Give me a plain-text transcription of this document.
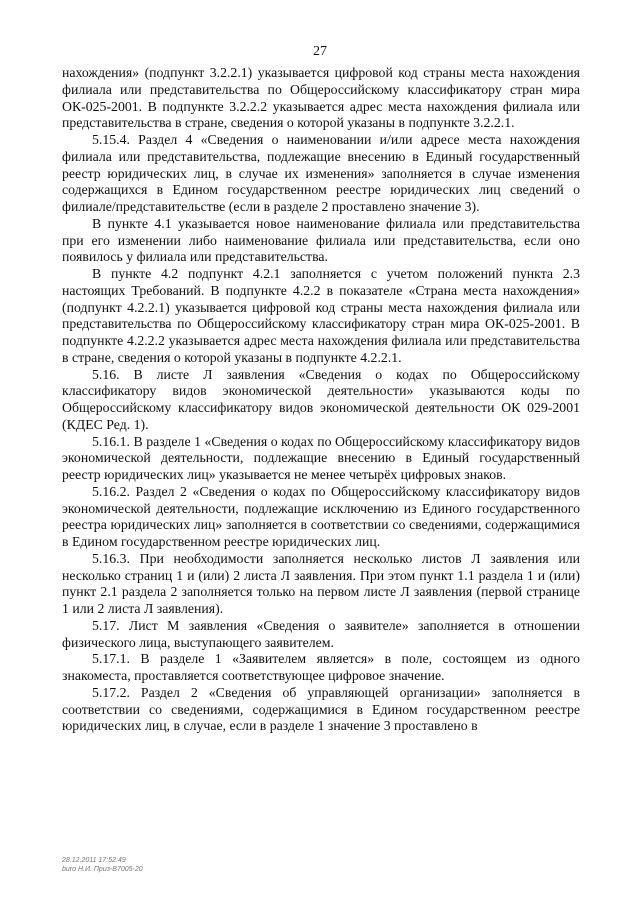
27

нахождения» (подпункт 3.2.2.1) указывается цифровой код страны места нахождения филиала или представительства по Общероссийскому классификатору стран мира ОК-025-2001. В подпункте 3.2.2.2 указывается адрес места нахождения филиала или представительства в стране, сведения о которой указаны в подпункте 3.2.2.1.

5.15.4. Раздел 4 «Сведения о наименовании и/или адресе места нахождения филиала или представительства, подлежащие внесению в Единый государственный реестр юридических лиц, в случае их изменения» заполняется в случае изменения содержащихся в Едином государственном реестре юридических лиц сведений о филиале/представительстве (если в разделе 2 проставлено значение 3).

В пункте 4.1 указывается новое наименование филиала или представительства при его изменении либо наименование филиала или представительства, если оно появилось у филиала или представительства.

В пункте 4.2 подпункт 4.2.1 заполняется с учетом положений пункта 2.3 настоящих Требований. В подпункте 4.2.2 в показателе «Страна места нахождения» (подпункт 4.2.2.1) указывается цифровой код страны места нахождения филиала или представительства по Общероссийскому классификатору стран мира ОК-025-2001. В подпункте 4.2.2.2 указывается адрес места нахождения филиала или представительства в стране, сведения о которой указаны в подпункте 4.2.2.1.

5.16. В листе Л заявления «Сведения о кодах по Общероссийскому классификатору видов экономической деятельности» указываются коды по Общероссийскому классификатору видов экономической деятельности ОК 029-2001 (КДЕС Ред. 1).

5.16.1. В разделе 1 «Сведения о кодах по Общероссийскому классификатору видов экономической деятельности, подлежащие внесению в Единый государственный реестр юридических лиц» указывается не менее четырёх цифровых знаков.

5.16.2. Раздел 2 «Сведения о кодах по Общероссийскому классификатору видов экономической деятельности, подлежащие исключению из Единого государственного реестра юридических лиц» заполняется в соответствии со сведениями, содержащимися в Едином государственном реестре юридических лиц.

5.16.3. При необходимости заполняется несколько листов Л заявления или несколько страниц 1 и (или) 2 листа Л заявления. При этом пункт 1.1 раздела 1 и (или) пункт 2.1 раздела 2 заполняется только на первом листе Л заявления (первой странице 1 или 2 листа Л заявления).

5.17. Лист М заявления «Сведения о заявителе» заполняется в отношении физического лица, выступающего заявителем.

5.17.1. В разделе 1 «Заявителем является» в поле, состоящем из одного знакоместа, проставляется соответствующее цифровое значение.

5.17.2. Раздел 2 «Сведения об управляющей организации» заполняется в соответствии со сведениями, содержащимися в Едином государственном реестре юридических лиц, в случае, если в разделе 1 значение 3 проставлено в

28.12.2011 17:52:49
buro Н.И. Приз-В7005-20
